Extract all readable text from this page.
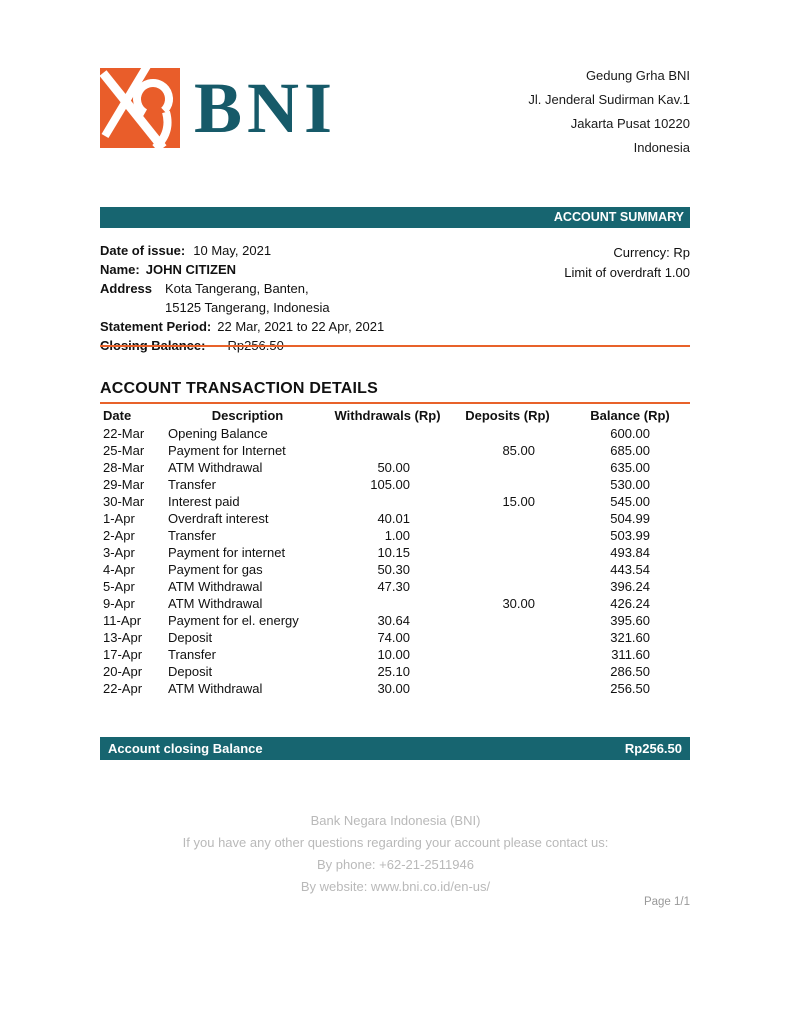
BNI	Gedung Grha BNI
Jl. Jenderal Sudirman Kav.1
Jakarta Pusat 10220
Indonesia
ACCOUNT SUMMARY
Date of issue: 10 May, 2021
Name: JOHN CITIZEN
Address Kota Tangerang, Banten,
15125 Tangerang, Indonesia
Statement Period: 22 Mar, 2021 to 22 Apr, 2021
Closing Balance: Rp256.50
Currency: Rp
Limit of overdraft 1.00
ACCOUNT TRANSACTION DETAILS
Date	Description	Withdrawals (Rp)	Deposits (Rp)	Balance (Rp)
22-Mar	Opening Balance			600.00
25-Mar	Payment for Internet		85.00	685.00
28-Mar	ATM Withdrawal	50.00		635.00
29-Mar	Transfer	105.00		530.00
30-Mar	Interest paid		15.00	545.00
1-Apr	Overdraft interest	40.01		504.99
2-Apr	Transfer	1.00		503.99
3-Apr	Payment for internet	10.15		493.84
4-Apr	Payment for gas	50.30		443.54
5-Apr	ATM Withdrawal	47.30		396.24
9-Apr	ATM Withdrawal		30.00	426.24
11-Apr	Payment for el. energy	30.64		395.60
13-Apr	Deposit	74.00		321.60
17-Apr	Transfer	10.00		311.60
20-Apr	Deposit	25.10		286.50
22-Apr	ATM Withdrawal	30.00		256.50
Account closing Balance	Rp256.50
Bank Negara Indonesia (BNI)
If you have any other questions regarding your account please contact us:
By phone: +62-21-2511946
By website: www.bni.co.id/en-us/
Page 1/1
